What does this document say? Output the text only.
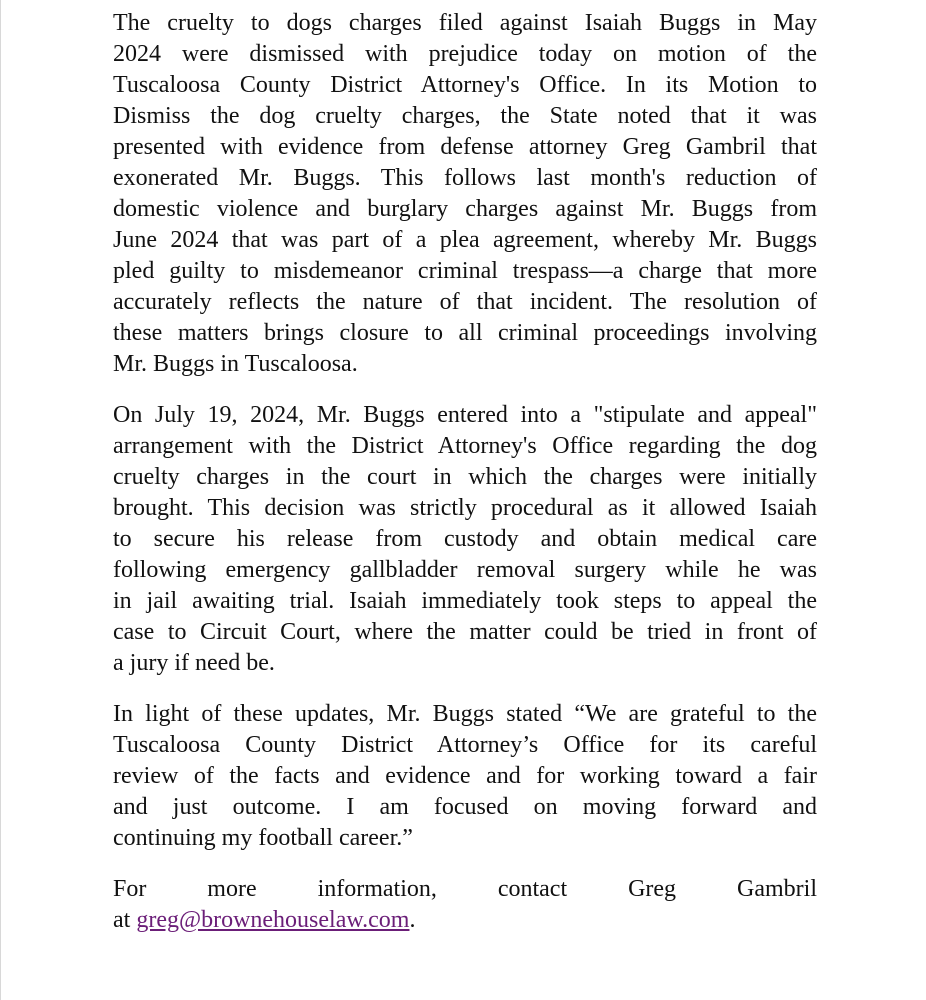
The cruelty to dogs charges filed against Isaiah Buggs in May
2024 were dismissed with prejudice today on motion of the
Tuscaloosa County District Attorney's Office. In its Motion to
Dismiss the dog cruelty charges, the State noted that it was
presented with evidence from defense attorney Greg Gambril that
exonerated Mr. Buggs. This follows last month's reduction of
domestic violence and burglary charges against Mr. Buggs from
June 2024 that was part of a plea agreement, whereby Mr. Buggs
pled guilty to misdemeanor criminal trespass—a charge that more
accurately reflects the nature of that incident. The resolution of
these matters brings closure to all criminal proceedings involving
Mr. Buggs in Tuscaloosa.

On July 19, 2024, Mr. Buggs entered into a "stipulate and appeal"
arrangement with the District Attorney's Office regarding the dog
cruelty charges in the court in which the charges were initially
brought. This decision was strictly procedural as it allowed Isaiah
to secure his release from custody and obtain medical care
following emergency gallbladder removal surgery while he was
in jail awaiting trial. Isaiah immediately took steps to appeal the
case to Circuit Court, where the matter could be tried in front of
a jury if need be.

In light of these updates, Mr. Buggs stated “We are grateful to the
Tuscaloosa County District Attorney’s Office for its careful
review of the facts and evidence and for working toward a fair
and just outcome. I am focused on moving forward and
continuing my football career.”

For more information, contact Greg Gambril
at greg@brownehouselaw.com.
